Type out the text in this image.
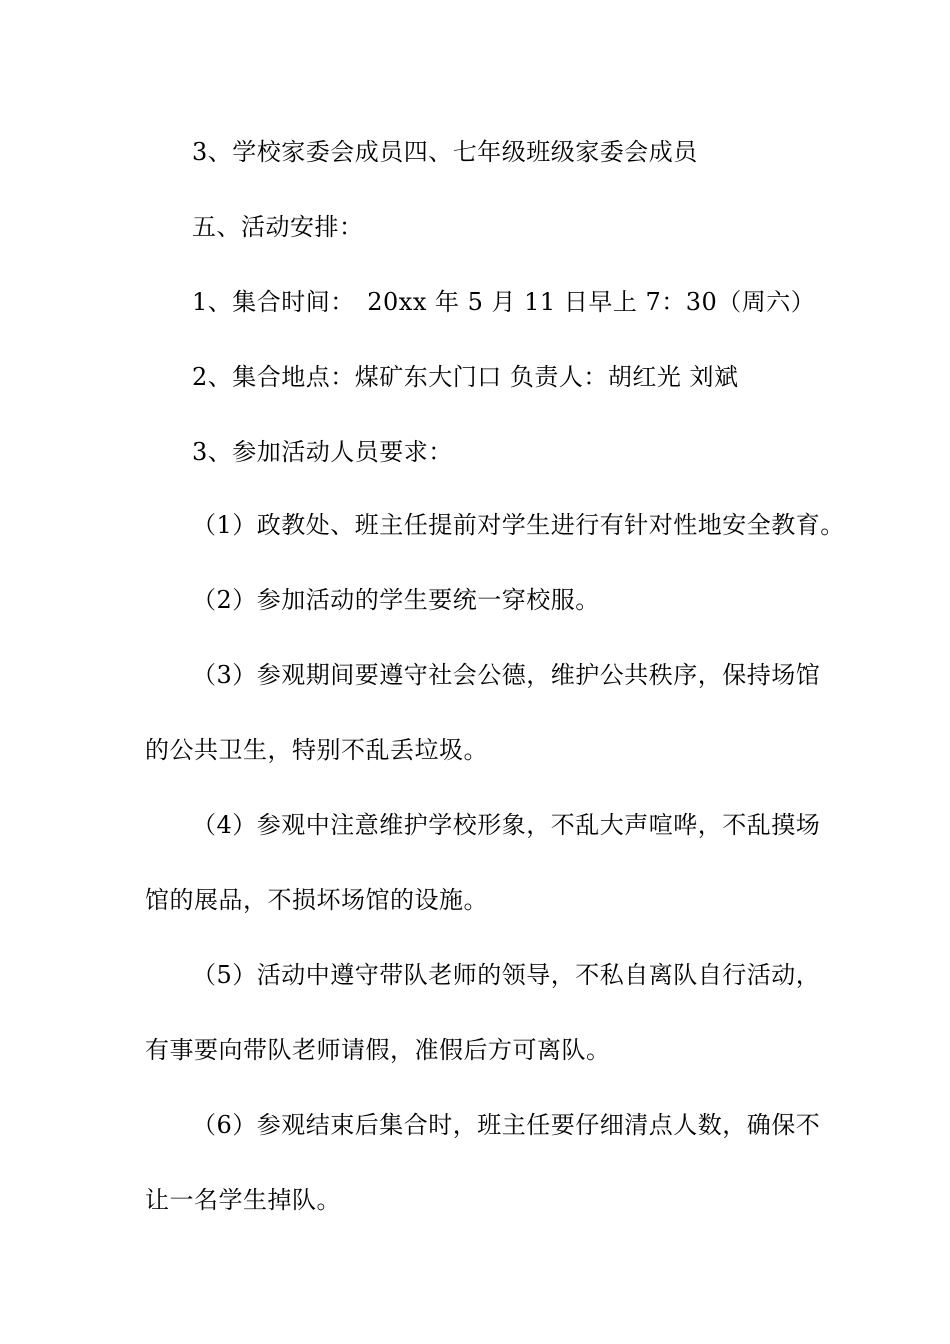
3、学校家委会成员四、七年级班级家委会成员
五、活动安排：
1、集合时间：　20xx 年 5 月 11 日早上 7：30（周六）
2、集合地点：煤矿东大门口 负责人：胡红光 刘斌
3、参加活动人员要求：
（1）政教处、班主任提前对学生进行有针对性地安全教育。
（2）参加活动的学生要统一穿校服。
（3）参观期间要遵守社会公德，维护公共秩序，保持场馆
的公共卫生，特别不乱丢垃圾。
（4）参观中注意维护学校形象，不乱大声喧哗，不乱摸场
馆的展品，不损坏场馆的设施。
（5）活动中遵守带队老师的领导，不私自离队自行活动，
有事要向带队老师请假，准假后方可离队。
（6）参观结束后集合时，班主任要仔细清点人数，确保不
让一名学生掉队。
